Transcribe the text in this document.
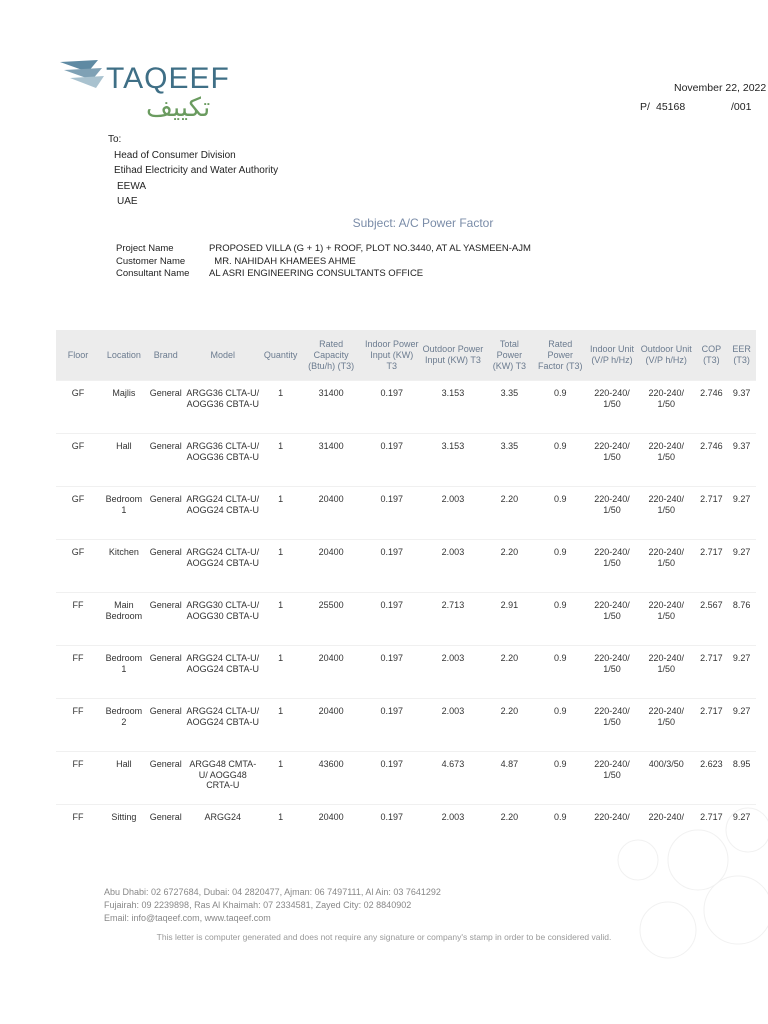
TAQEEF
تكييف
November 22, 2022
P/ 45168	/001
To:
Head of Consumer Division
Etihad Electricity and Water Authority
EEWA
UAE
Subject: A/C Power Factor
Project Name	PROPOSED VILLA (G + 1) + ROOF, PLOT NO.3440, AT AL YASMEEN-AJM
Customer Name	MR. NAHIDAH KHAMEES AHME
Consultant Name	AL ASRI ENGINEERING CONSULTANTS OFFICE
Floor	Location	Brand	Model	Quantity	Rated Capacity (Btu/h) (T3)	Indoor Power Input (KW) T3	Outdoor Power Input (KW) T3	Total Power (KW) T3	Rated Power Factor (T3)	Indoor Unit (V/P h/Hz)	Outdoor Unit (V/P h/Hz)	COP (T3)	EER (T3)
GF	Majlis	General	ARGG36 CLTA-U/ AOGG36 CBTA-U	1	31400	0.197	3.153	3.35	0.9	220-240/ 1/50	220-240/ 1/50	2.746	9.37
GF	Hall	General	ARGG36 CLTA-U/ AOGG36 CBTA-U	1	31400	0.197	3.153	3.35	0.9	220-240/ 1/50	220-240/ 1/50	2.746	9.37
GF	Bedroom 1	General	ARGG24 CLTA-U/ AOGG24 CBTA-U	1	20400	0.197	2.003	2.20	0.9	220-240/ 1/50	220-240/ 1/50	2.717	9.27
GF	Kitchen	General	ARGG24 CLTA-U/ AOGG24 CBTA-U	1	20400	0.197	2.003	2.20	0.9	220-240/ 1/50	220-240/ 1/50	2.717	9.27
FF	Main Bedroom	General	ARGG30 CLTA-U/ AOGG30 CBTA-U	1	25500	0.197	2.713	2.91	0.9	220-240/ 1/50	220-240/ 1/50	2.567	8.76
FF	Bedroom 1	General	ARGG24 CLTA-U/ AOGG24 CBTA-U	1	20400	0.197	2.003	2.20	0.9	220-240/ 1/50	220-240/ 1/50	2.717	9.27
FF	Bedroom 2	General	ARGG24 CLTA-U/ AOGG24 CBTA-U	1	20400	0.197	2.003	2.20	0.9	220-240/ 1/50	220-240/ 1/50	2.717	9.27
FF	Hall	General	ARGG48 CMTA-U/ AOGG48 CRTA-U	1	43600	0.197	4.673	4.87	0.9	220-240/ 1/50	400/3/50	2.623	8.95
FF	Sitting	General	ARGG24	1	20400	0.197	2.003	2.20	0.9	220-240/	220-240/	2.717	9.27
Abu Dhabi: 02 6727684, Dubai: 04 2820477, Ajman: 06 7497111, Al Ain: 03 7641292
Fujairah: 09 2239898, Ras Al Khaimah: 07 2334581, Zayed City: 02 8840902
Email: info@taqeef.com, www.taqeef.com
This letter is computer generated and does not require any signature or company's stamp in order to be considered valid.
